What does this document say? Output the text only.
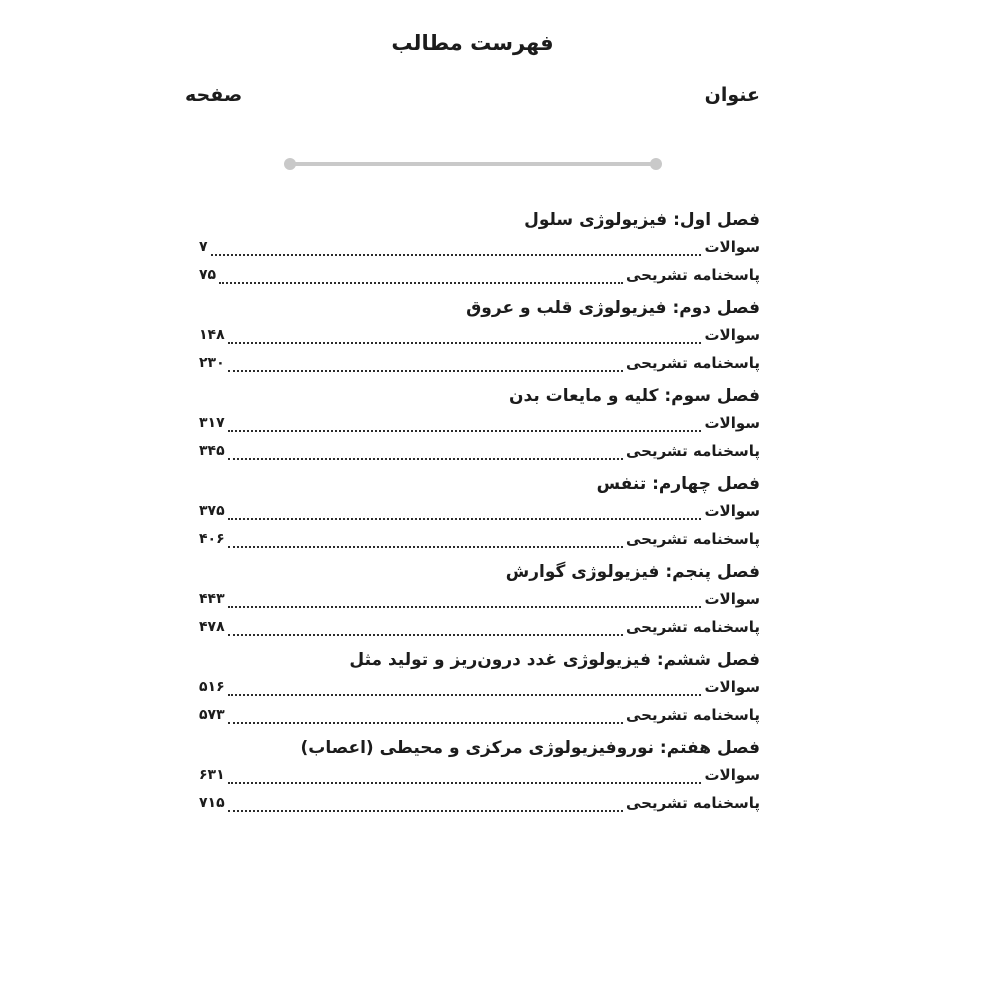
فهرست مطالب
عنوان
صفحه
فصل اول: فیزیولوژی سلول
سوالات
۷
پاسخنامه تشریحی
۷۵
فصل دوم: فیزیولوژی قلب و عروق
سوالات
۱۴۸
پاسخنامه تشریحی
۲۳۰
فصل سوم: کلیه و مایعات بدن
سوالات
۳۱۷
پاسخنامه تشریحی
۳۴۵
فصل چهارم: تنفس
سوالات
۳۷۵
پاسخنامه تشریحی
۴۰۶
فصل پنجم: فیزیولوژی گوارش
سوالات
۴۴۳
پاسخنامه تشریحی
۴۷۸
فصل ششم: فیزیولوژی غدد درون‌ریز و تولید مثل
سوالات
۵۱۶
پاسخنامه تشریحی
۵۷۳
فصل هفتم: نوروفیزیولوژی مرکزی و محیطی (اعصاب)
سوالات
۶۳۱
پاسخنامه تشریحی
۷۱۵
